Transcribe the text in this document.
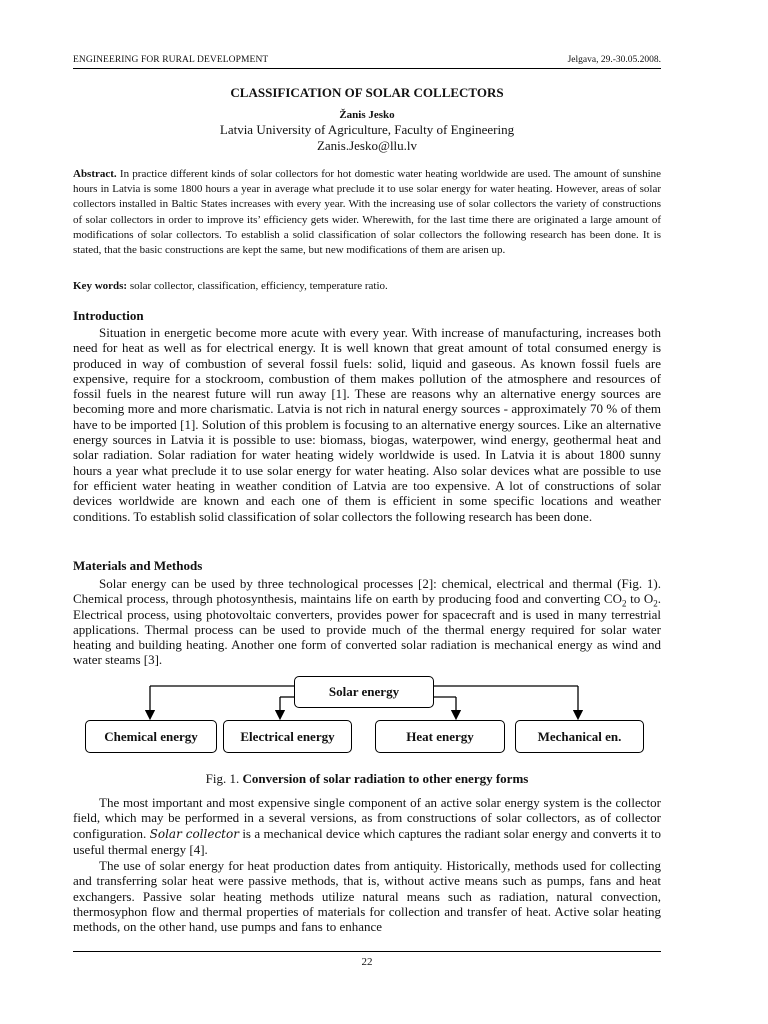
ENGINEERING FOR RURAL DEVELOPMENT	Jelgava, 29.-30.05.2008.
CLASSIFICATION OF SOLAR COLLECTORS
Žanis Jesko
Latvia University of Agriculture, Faculty of Engineering
Zanis.Jesko@llu.lv
Abstract. In practice different kinds of solar collectors for hot domestic water heating worldwide are used. The amount of sunshine hours in Latvia is some 1800 hours a year in average what preclude it to use solar energy for water heating. However, areas of solar collectors installed in Baltic States increases with every year. With the increasing use of solar collectors the variety of constructions of solar collectors in order to improve its’ efficiency gets wider. Wherewith, for the last time there are originated a large amount of modifications of solar collectors. To establish a solid classification of solar collectors the following research has been done. It is stated, that the basic constructions are kept the same, but new modifications of them are arisen up.
Key words: solar collector, classification, efficiency, temperature ratio.
Introduction
Situation in energetic become more acute with every year. With increase of manufacturing, increases both need for heat as well as for electrical energy. It is well known that great amount of total consumed energy is produced in way of combustion of several fossil fuels: solid, liquid and gaseous. As known fossil fuels are expensive, require for a stockroom, combustion of them makes pollution of the atmosphere and resources of fossil fuels in the nearest future will run away [1]. These are reasons why an alternative energy sources are becoming more and more charismatic. Latvia is not rich in natural energy sources - approximately 70 % of them have to be imported [1]. Solution of this problem is focusing to an alternative energy sources. Like an alternative energy sources in Latvia it is possible to use: biomass, biogas, waterpower, wind energy, geothermal heat and solar radiation. Solar radiation for water heating widely worldwide is used. In Latvia it is about 1800 sunny hours a year what preclude it to use solar energy for water heating. Also solar devices what are possible to use for efficient water heating in weather condition of Latvia are too expensive. A lot of constructions of solar devices worldwide are known and each one of them is efficient in some specific locations and weather conditions. To establish solid classification of solar collectors the following research has been done.
Materials and Methods
Solar energy can be used by three technological processes [2]: chemical, electrical and thermal (Fig. 1). Chemical process, through photosynthesis, maintains life on earth by producing food and converting $CO_2$ to $O_2$. Electrical process, using photovoltaic converters, provides power for spacecraft and is used in many terrestrial applications. Thermal process can be used to provide much of the thermal energy required for solar water heating and building heating. Another one form of converted solar radiation is mechanical energy as wind and water steams [3].
Solar energy
Chemical energy	Electrical energy	Heat energy	Mechanical en.
Fig. 1. Conversion of solar radiation to other energy forms
The most important and most expensive single component of an active solar energy system is the collector field, which may be performed in a several versions, as from constructions of solar collectors, as of collector configuration. Solar collector is a mechanical device which captures the radiant solar energy and converts it to useful thermal energy [4].
The use of solar energy for heat production dates from antiquity. Historically, methods used for collecting and transferring solar heat were passive methods, that is, without active means such as pumps, fans and heat exchangers. Passive solar heating methods utilize natural means such as radiation, natural convection, thermosyphon flow and thermal properties of materials for collection and transfer of heat. Active solar heating methods, on the other hand, use pumps and fans to enhance
22
